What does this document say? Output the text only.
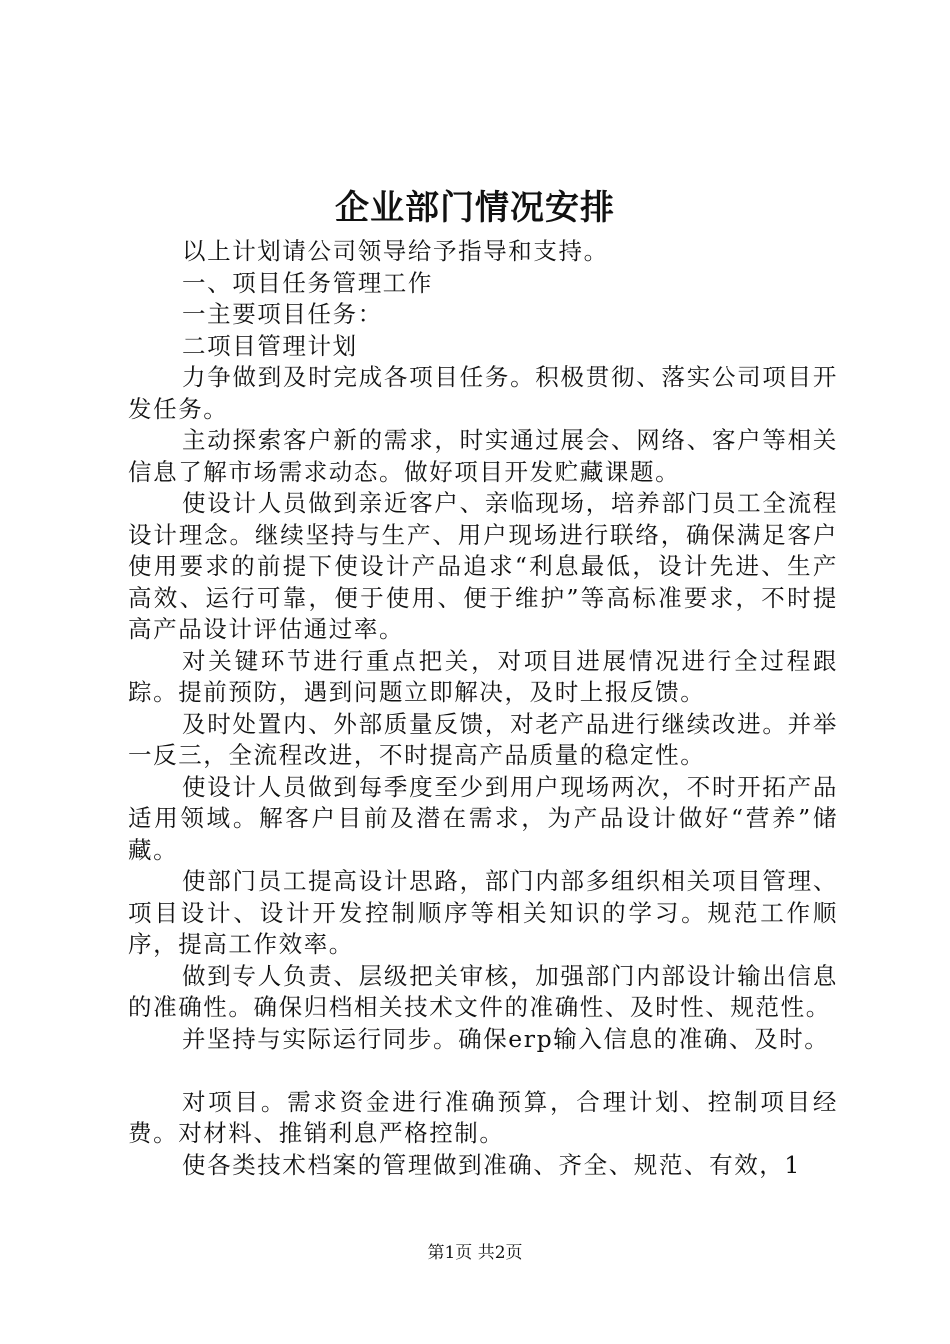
企业部门情况安排

以上计划请公司领导给予指导和支持。

一、项目任务管理工作

一主要项目任务：

二项目管理计划

力争做到及时完成各项目任务。积极贯彻、落实公司项目开发任务。

主动探索客户新的需求，时实通过展会、网络、客户等相关信息了解市场需求动态。做好项目开发贮藏课题。

使设计人员做到亲近客户、亲临现场，培养部门员工全流程设计理念。继续坚持与生产、用户现场进行联络，确保满足客户使用要求的前提下使设计产品追求“利息最低，设计先进、生产高效、运行可靠，便于使用、便于维护”等高标准要求，不时提高产品设计评估通过率。

对关键环节进行重点把关，对项目进展情况进行全过程跟踪。提前预防，遇到问题立即解决，及时上报反馈。

及时处置内、外部质量反馈，对老产品进行继续改进。并举一反三，全流程改进，不时提高产品质量的稳定性。

使设计人员做到每季度至少到用户现场两次，不时开拓产品适用领域。解客户目前及潜在需求，为产品设计做好“营养”储藏。

使部门员工提高设计思路，部门内部多组织相关项目管理、项目设计、设计开发控制顺序等相关知识的学习。规范工作顺序，提高工作效率。

做到专人负责、层级把关审核，加强部门内部设计输出信息的准确性。确保归档相关技术文件的准确性、及时性、规范性。

并坚持与实际运行同步。确保erp输入信息的准确、及时。

对项目。需求资金进行准确预算，合理计划、控制项目经费。对材料、推销利息严格控制。

使各类技术档案的管理做到准确、齐全、规范、有效，1

第1页 共2页
